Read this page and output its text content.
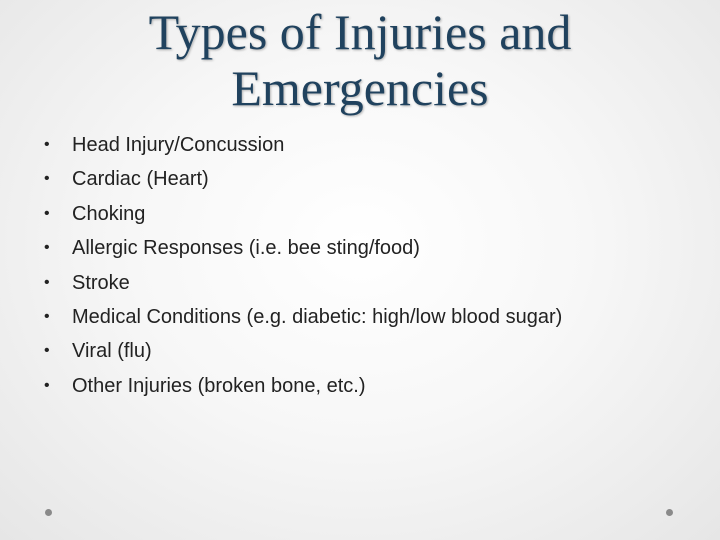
Types of Injuries and
Emergencies
•	Head Injury/Concussion
•	Cardiac (Heart)
•	Choking
•	Allergic Responses (i.e. bee sting/food)
•	Stroke
•	Medical Conditions (e.g. diabetic: high/low blood sugar)
•	Viral (flu)
•	Other Injuries (broken bone, etc.)
